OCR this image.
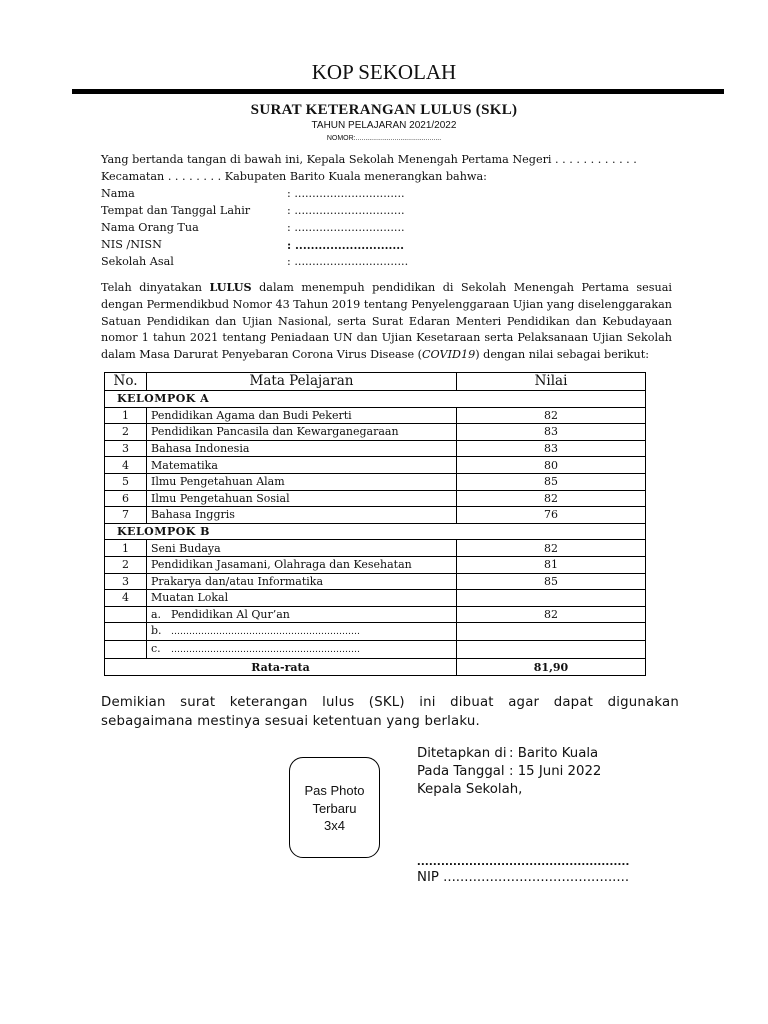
KOP SEKOLAH
SURAT KETERANGAN LULUS (SKL)
TAHUN PELAJARAN 2021/2022
NOMOR:............................................
Yang bertanda tangan di bawah ini, Kepala Sekolah Menengah Pertama Negeri . . . . . . . . . . . .
Kecamatan . . . . . . . . Kabupaten Barito Kuala menerangkan bahwa:
Nama	: ...............................
Tempat dan Tanggal Lahir	: ...............................
Nama Orang Tua	: ...............................
NIS /NISN	: ............................
Sekolah Asal	: ................................
Telah dinyatakan LULUS dalam menempuh pendidikan di Sekolah Menengah Pertama sesuai dengan Permendikbud Nomor 43 Tahun 2019 tentang Penyelenggaraan Ujian yang diselenggarakan Satuan Pendidikan dan Ujian Nasional, serta Surat Edaran Menteri Pendidikan dan Kebudayaan nomor 1 tahun 2021 tentang Peniadaan UN dan Ujian Kesetaraan serta Pelaksanaan Ujian Sekolah dalam Masa Darurat Penyebaran Corona Virus Disease (COVID19) dengan nilai sebagai berikut:
No.	Mata Pelajaran	Nilai
KELOMPOK A		
1	Pendidikan Agama dan Budi Pekerti	82
2	Pendidikan Pancasila dan Kewarganegaraan	83
3	Bahasa Indonesia	83
4	Matematika	80
5	Ilmu Pengetahuan Alam	85
6	Ilmu Pengetahuan Sosial	82
7	Bahasa Inggris	76
KELOMPOK B		
1	Seni Budaya	82
2	Pendidikan Jasamani, Olahraga dan Kesehatan	81
3	Prakarya dan/atau Informatika	85
4	Muatan Lokal	
	a. Pendidikan Al Qur’an	82
	b. ………………………………………………………	
	c. ………………………………………………………	
Rata-rata		81,90
Demikian surat keterangan lulus (SKL) ini dibuat agar dapat digunakan sebagaimana mestinya sesuai ketentuan yang berlaku.
Pas Photo
Terbaru
3x4
Ditetapkan di : Barito Kuala
Pada Tanggal : 15 Juni 2022
Kepala Sekolah,
.....................................................
NIP ............................................
